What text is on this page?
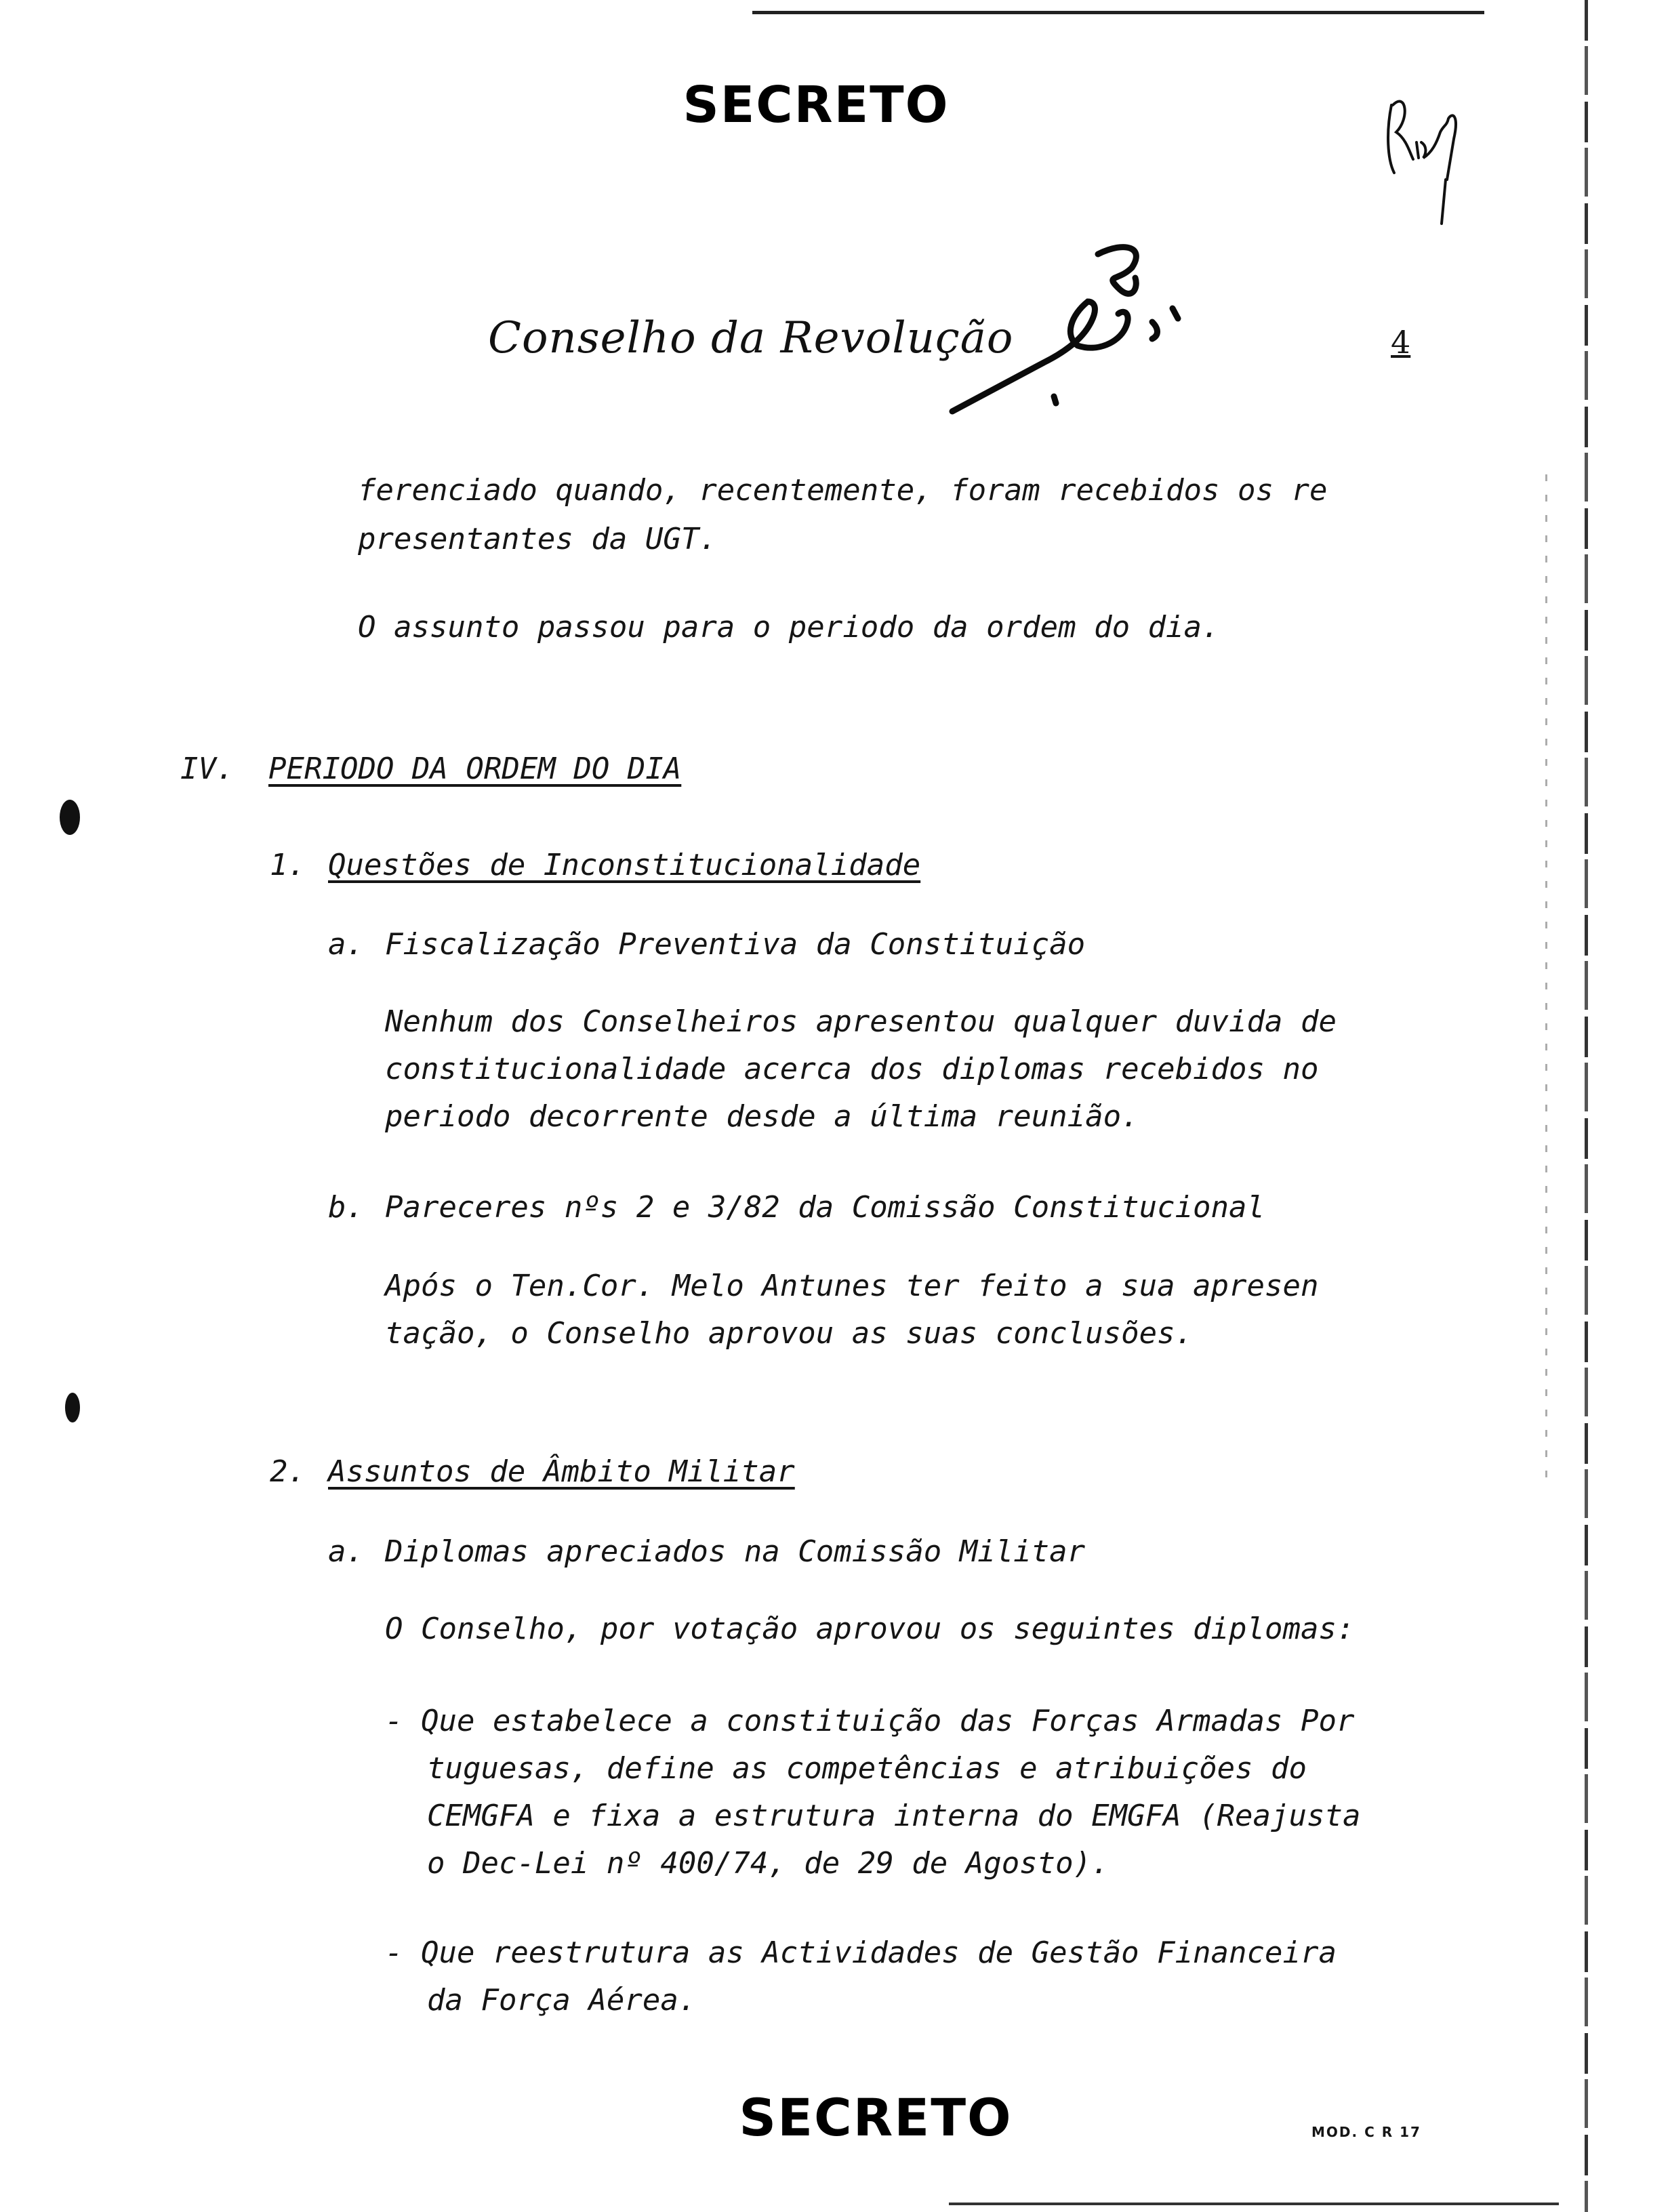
SECRETO
Conselho da Revolução	4
ferenciado quando, recentemente, foram recebidos os re
presentantes da UGT.
O assunto passou para o periodo da ordem do dia.
IV. PERIODO DA ORDEM DO DIA
1. Questões de Inconstitucionalidade
a. Fiscalização Preventiva da Constituição
Nenhum dos Conselheiros apresentou qualquer duvida de
constitucionalidade acerca dos diplomas recebidos no
periodo decorrente desde a última reunião.
b. Pareceres nºs 2 e 3/82 da Comissão Constitucional
Após o Ten.Cor. Melo Antunes ter feito a sua apresen
tação, o Conselho aprovou as suas conclusões.
2. Assuntos de Âmbito Militar
a. Diplomas apreciados na Comissão Militar
O Conselho, por votação aprovou os seguintes diplomas:
- Que estabelece a constituição das Forças Armadas Por
tuguesas, define as competências e atribuições do
CEMGFA e fixa a estrutura interna do EMGFA (Reajusta
o Dec-Lei nº 400/74, de 29 de Agosto).
- Que reestrutura as Actividades de Gestão Financeira
da Força Aérea.
SECRETO	MOD. C R 17
